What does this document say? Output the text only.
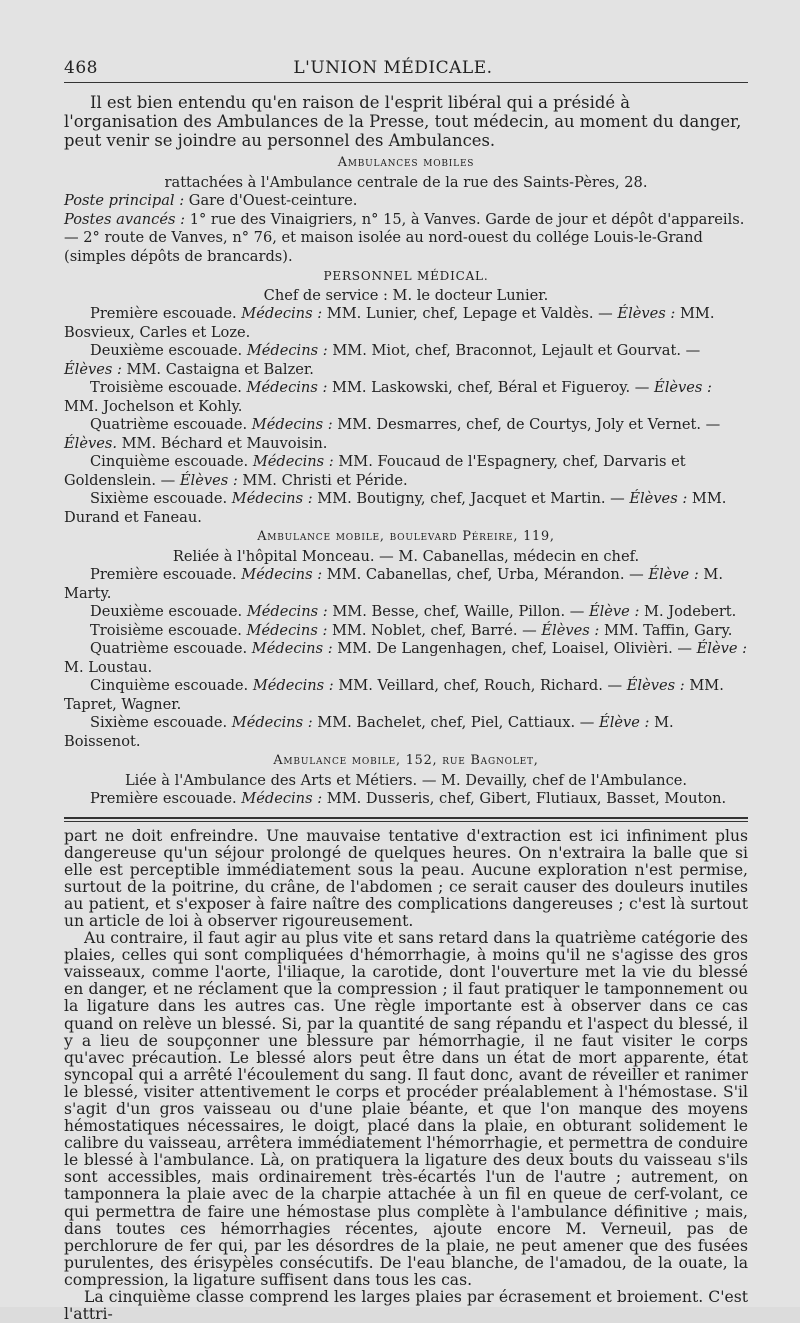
468	L'UNION MÉDICALE.

Il est bien entendu qu'en raison de l'esprit libéral qui a présidé à l'organisation des Ambulances de la Presse, tout médecin, au moment du danger, peut venir se joindre au personnel des Ambulances.

Ambulances mobiles

rattachées à l'Ambulance centrale de la rue des Saints-Pères, 28.

Poste principal : Gare d'Ouest-ceinture.

Postes avancés : 1° rue des Vinaigriers, n° 15, à Vanves. Garde de jour et dépôt d'appareils. — 2° route de Vanves, n° 76, et maison isolée au nord-ouest du collége Louis-le-Grand (simples dépôts de brancards).

PERSONNEL MÉDICAL.

Chef de service : M. le docteur Lunier.

Première escouade. Médecins : MM. Lunier, chef, Lepage et Valdès. — Élèves : MM. Bosvieux, Carles et Loze.

Deuxième escouade. Médecins : MM. Miot, chef, Braconnot, Lejault et Gourvat. — Élèves : MM. Castaigna et Balzer.

Troisième escouade. Médecins : MM. Laskowski, chef, Béral et Figueroy. — Élèves : MM. Jochelson et Kohly.

Quatrième escouade. Médecins : MM. Desmarres, chef, de Courtys, Joly et Vernet. — Élèves. MM. Béchard et Mauvoisin.

Cinquième escouade. Médecins : MM. Foucaud de l'Espagnery, chef, Darvaris et Goldenslein. — Élèves : MM. Christi et Péride.

Sixième escouade. Médecins : MM. Boutigny, chef, Jacquet et Martin. — Élèves : MM. Durand et Faneau.

Ambulance mobile, boulevard Péreire, 119,

Reliée à l'hôpital Monceau. — M. Cabanellas, médecin en chef.

Première escouade. Médecins : MM. Cabanellas, chef, Urba, Mérandon. — Élève : M. Marty.

Deuxième escouade. Médecins : MM. Besse, chef, Waille, Pillon. — Élève : M. Jodebert.

Troisième escouade. Médecins : MM. Noblet, chef, Barré. — Élèves : MM. Taffin, Gary.

Quatrième escouade. Médecins : MM. De Langenhagen, chef, Loaisel, Olivièri. — Élève : M. Loustau.

Cinquième escouade. Médecins : MM. Veillard, chef, Rouch, Richard. — Élèves : MM. Tapret, Wagner.

Sixième escouade. Médecins : MM. Bachelet, chef, Piel, Cattiaux. — Élève : M. Boissenot.

Ambulance mobile, 152, rue Bagnolet,

Liée à l'Ambulance des Arts et Métiers. — M. Devailly, chef de l'Ambulance.

Première escouade. Médecins : MM. Dusseris, chef, Gibert, Flutiaux, Basset, Mouton.

part ne doit enfreindre. Une mauvaise tentative d'extraction est ici infiniment plus dangereuse qu'un séjour prolongé de quelques heures. On n'extraira la balle que si elle est perceptible immédiatement sous la peau. Aucune exploration n'est permise, surtout de la poitrine, du crâne, de l'abdomen ; ce serait causer des douleurs inutiles au patient, et s'exposer à faire naître des complications dangereuses ; c'est là surtout un article de loi à observer rigoureusement.

Au contraire, il faut agir au plus vite et sans retard dans la quatrième catégorie des plaies, celles qui sont compliquées d'hémorrhagie, à moins qu'il ne s'agisse des gros vaisseaux, comme l'aorte, l'iliaque, la carotide, dont l'ouverture met la vie du blessé en danger, et ne réclament que la compression ; il faut pratiquer le tamponnement ou la ligature dans les autres cas. Une règle importante est à observer dans ce cas quand on relève un blessé. Si, par la quantité de sang répandu et l'aspect du blessé, il y a lieu de soupçonner une blessure par hémorrhagie, il ne faut visiter le corps qu'avec précaution. Le blessé alors peut être dans un état de mort apparente, état syncopal qui a arrêté l'écoulement du sang. Il faut donc, avant de réveiller et ranimer le blessé, visiter attentivement le corps et procéder préalablement à l'hémostase. S'il s'agit d'un gros vaisseau ou d'une plaie béante, et que l'on manque des moyens hémostatiques nécessaires, le doigt, placé dans la plaie, en obturant solidement le calibre du vaisseau, arrêtera immédiatement l'hémorrhagie, et permettra de conduire le blessé à l'ambulance. Là, on pratiquera la ligature des deux bouts du vaisseau s'ils sont accessibles, mais ordinairement très-écartés l'un de l'autre ; autrement, on tamponnera la plaie avec de la charpie attachée à un fil en queue de cerf-volant, ce qui permettra de faire une hémostase plus complète à l'ambulance définitive ; mais, dans toutes ces hémorrhagies récentes, ajoute encore M. Verneuil, pas de perchlorure de fer qui, par les désordres de la plaie, ne peut amener que des fusées purulentes, des érisypèles consécutifs. De l'eau blanche, de l'amadou, de la ouate, la compression, la ligature suffisent dans tous les cas.

La cinquième classe comprend les larges plaies par écrasement et broiement. C'est l'attri-
